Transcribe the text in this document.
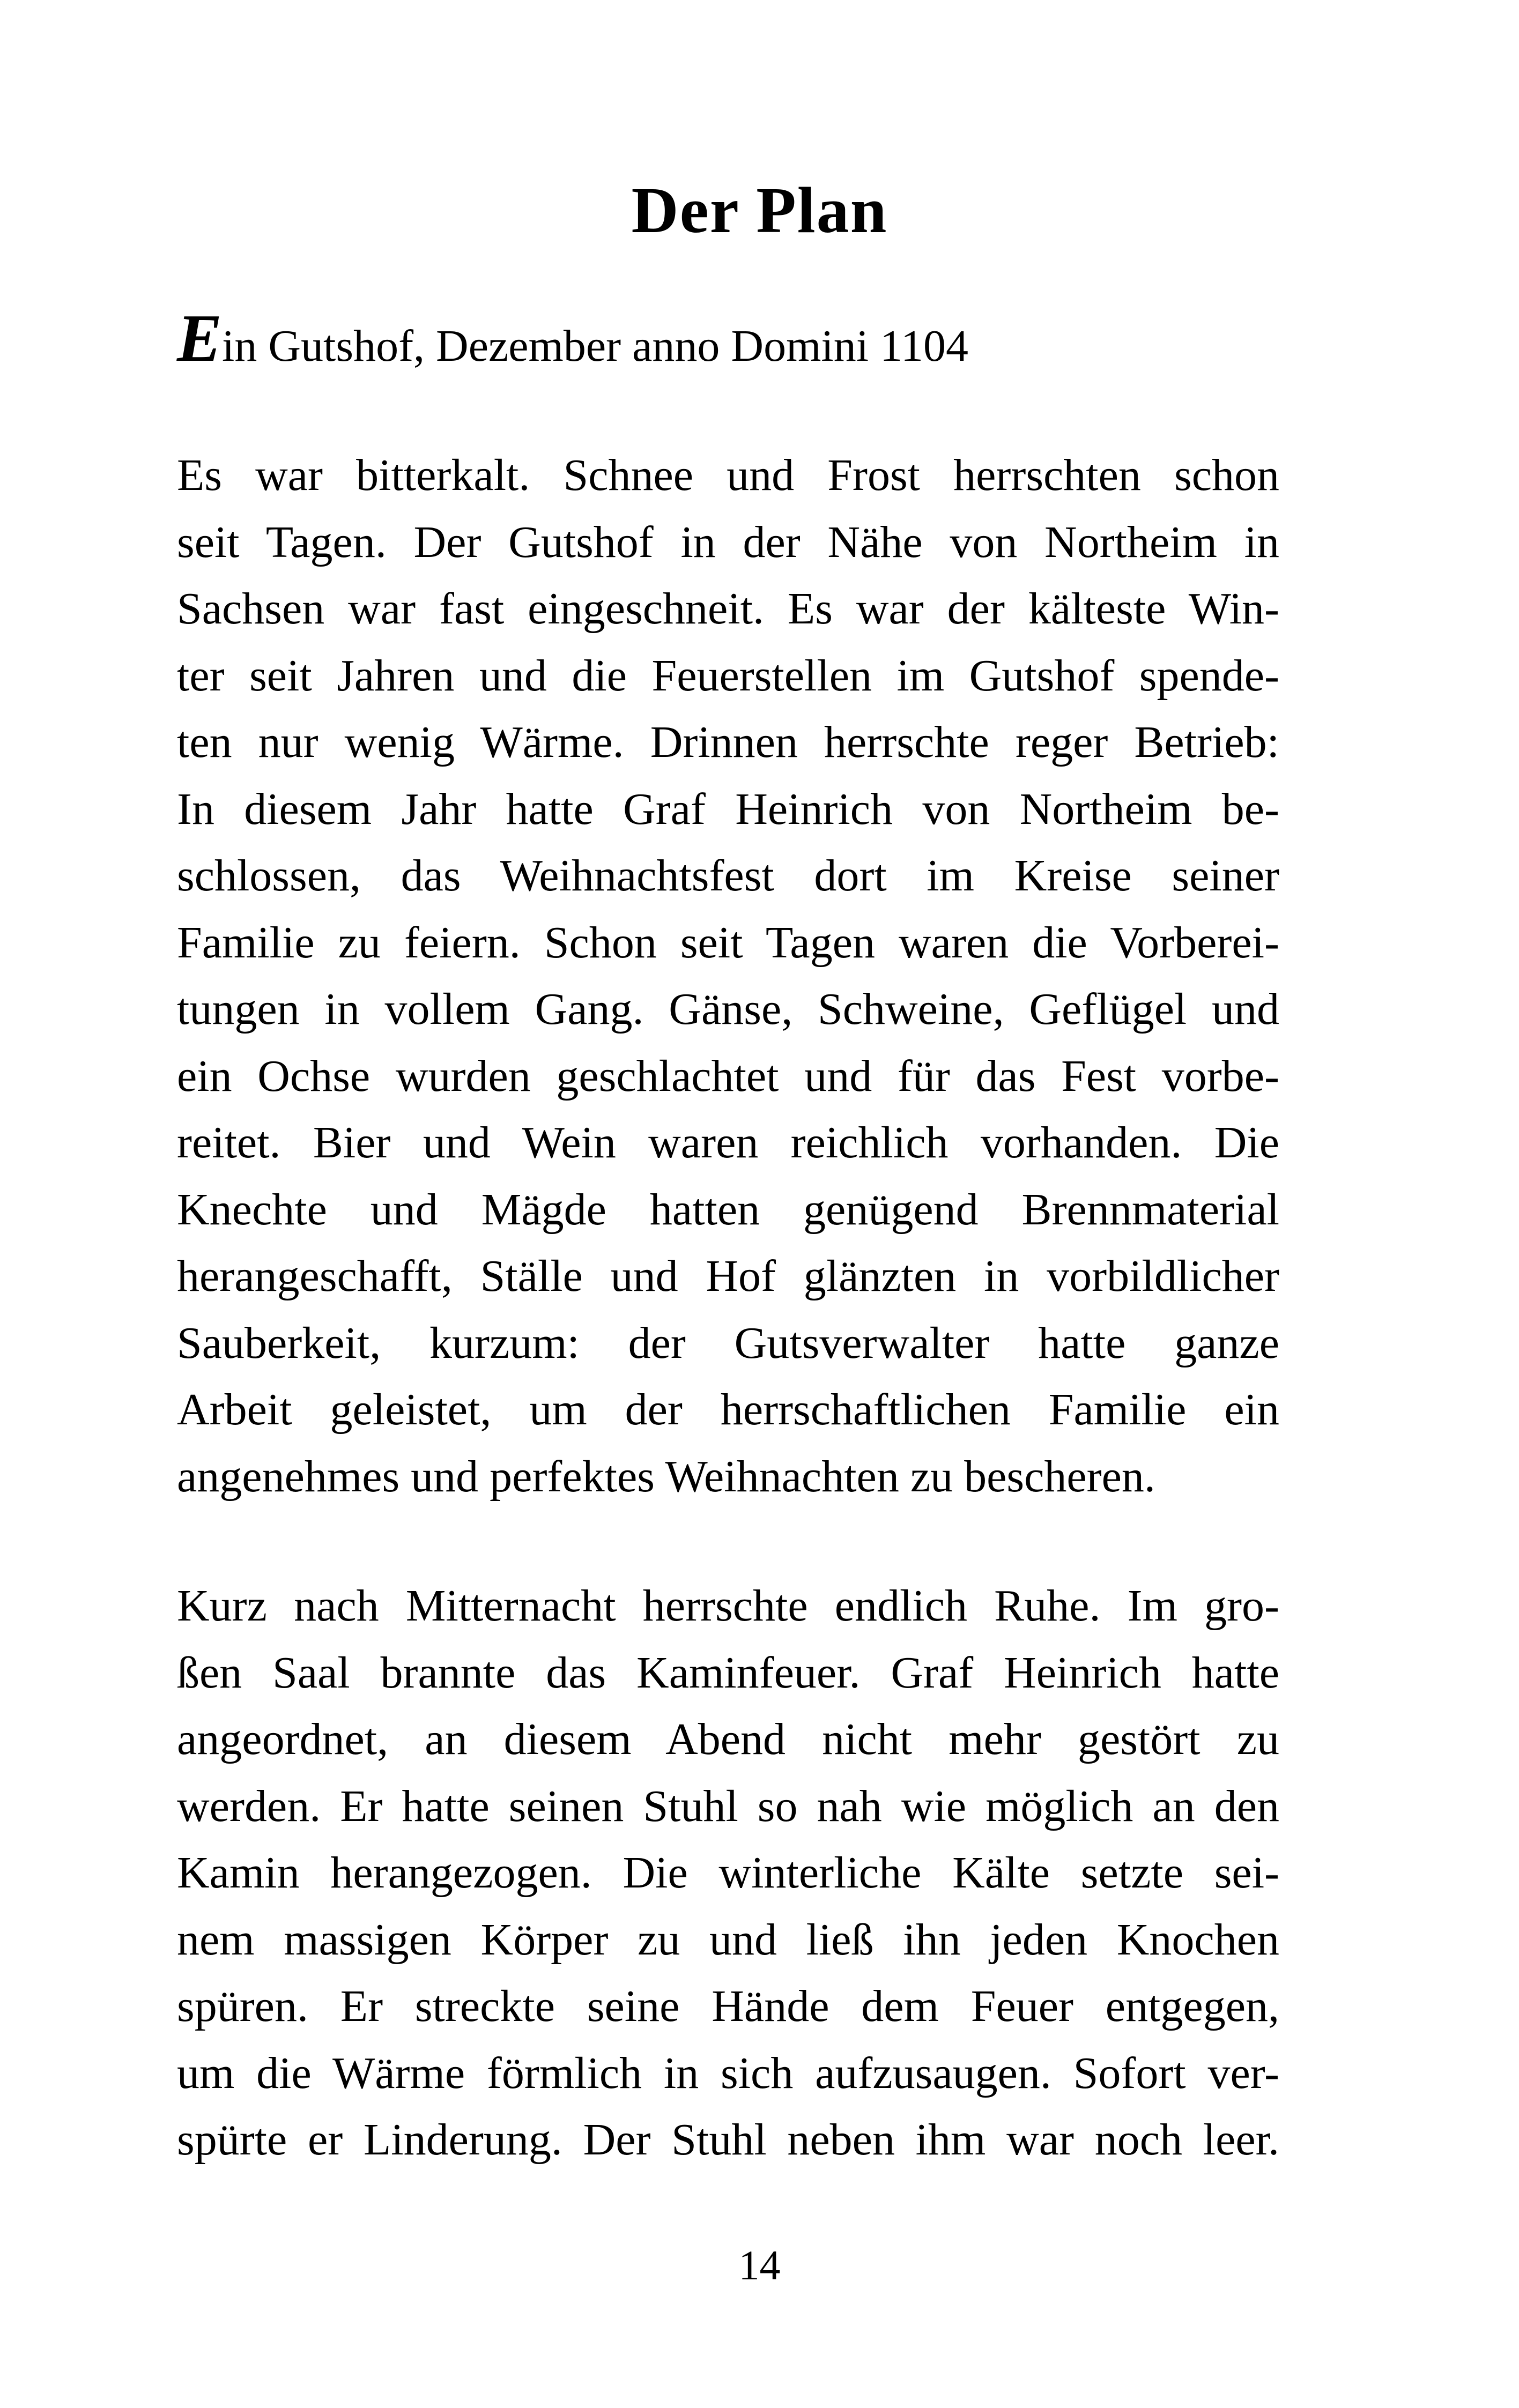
Der Plan
Ein Gutshof, Dezember anno Domini 1104
Es war bitterkalt. Schnee und Frost herrschten schon
seit Tagen. Der Gutshof in der Nähe von Northeim in
Sachsen war fast eingeschneit. Es war der kälteste Win-
ter seit Jahren und die Feuerstellen im Gutshof spende-
ten nur wenig Wärme. Drinnen herrschte reger Betrieb:
In diesem Jahr hatte Graf Heinrich von Northeim be-
schlossen, das Weihnachtsfest dort im Kreise seiner
Familie zu feiern. Schon seit Tagen waren die Vorberei-
tungen in vollem Gang. Gänse, Schweine, Geflügel und
ein Ochse wurden geschlachtet und für das Fest vorbe-
reitet. Bier und Wein waren reichlich vorhanden. Die
Knechte und Mägde hatten genügend Brennmaterial
herangeschafft, Ställe und Hof glänzten in vorbildlicher
Sauberkeit, kurzum: der Gutsverwalter hatte ganze
Arbeit geleistet, um der herrschaftlichen Familie ein
angenehmes und perfektes Weihnachten zu bescheren.
Kurz nach Mitternacht herrschte endlich Ruhe. Im gro-
ßen Saal brannte das Kaminfeuer. Graf Heinrich hatte
angeordnet, an diesem Abend nicht mehr gestört zu
werden. Er hatte seinen Stuhl so nah wie möglich an den
Kamin herangezogen. Die winterliche Kälte setzte sei-
nem massigen Körper zu und ließ ihn jeden Knochen
spüren. Er streckte seine Hände dem Feuer entgegen,
um die Wärme förmlich in sich aufzusaugen. Sofort ver-
spürte er Linderung. Der Stuhl neben ihm war noch leer.
14
